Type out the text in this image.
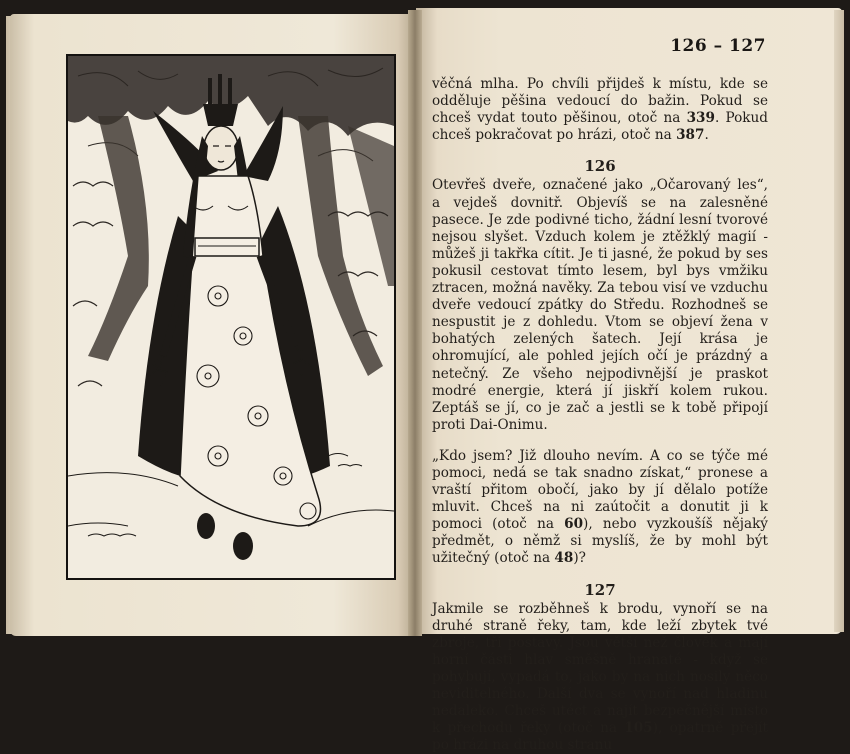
126 – 127

věčná mlha. Po chvíli přijdeš k místu, kde se odděluje pěšina vedoucí do bažin. Pokud se chceš vydat touto pěšinou, otoč na 339. Pokud chceš pokračovat po hrázi, otoč na 387.

126

Otevřeš dveře, označené jako „Očarovaný les“, a vejdeš dovnitř. Objevíš se na zalesněné pasece. Je zde podivné ticho, žádní lesní tvorové nejsou slyšet. Vzduch kolem je ztěžklý magií - můžeš ji takřka cítit. Je ti jasné, že pokud by ses pokusil cestovat tímto lesem, byl bys vmžiku ztracen, možná navěky. Za tebou visí ve vzduchu dveře vedoucí zpátky do Středu. Rozhodneš se nespustit je z dohledu. Vtom se objeví žena v bohatých zelených šatech. Její krása je ohromující, ale pohled jejích očí je prázdný a netečný. Ze všeho nejpodivnější je praskot modré energie, která jí jiskří kolem rukou. Zeptáš se jí, co je zač a jestli se k tobě připojí proti Dai-Onimu.

„Kdo jsem? Již dlouho nevím. A co se týče mé pomoci, nedá se tak snadno získat,“ pronese a vraští přitom obočí, jako by jí dělalo potíže mluvit. Chceš na ni zaútočit a donutit ji k pomoci (otoč na 60), nebo vyzkoušíš nějaký předmět, o němž si myslíš, že by mohl být užitečný (otoč na 48)?

127

Jakmile se rozběhneš k brodu, vynoří se na druhé straně řeky, tam, kde leží zbytek tvé zbroje, tři postavy. Jsou větší než člověk a mají horní části hlav směšně hranaté - když se pohybují, vypadá to, jako by na nich nosily něco neviditelného. Další dva se vynoří nad hladinu nedaleko. Chceš utéct a najít bezpečnější místo k přechodu řeky (otoč na 105), opatrně přejít po hrázi na druhou stranu
